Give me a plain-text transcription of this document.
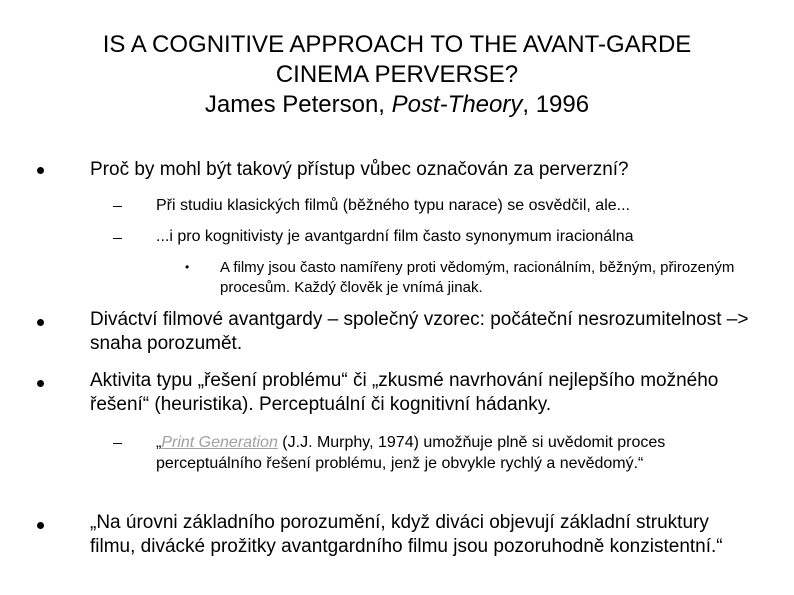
IS A COGNITIVE APPROACH TO THE AVANT-GARDE
CINEMA PERVERSE?
James Peterson, Post-Theory, 1996
Proč by mohl být takový přístup vůbec označován za perverzní?
Při studiu klasických filmů (běžného typu narace) se osvědčil, ale...
...i pro kognitivisty je avantgardní film často synonymum iracionálna
• A filmy jsou často namířeny proti vědomým, racionálním, běžným, přirozeným procesům. Každý člověk je vnímá jinak.
Diváctví filmové avantgardy – společný vzorec: počáteční nesrozumitelnost –> snaha porozumět.
Aktivita typu „řešení problému“ či „zkusmé navrhování nejlepšího možného řešení“ (heuristika). Perceptuální či kognitivní hádanky.
„Print Generation (J.J. Murphy, 1974) umožňuje plně si uvědomit proces perceptuálního řešení problému, jenž je obvykle rychlý a nevědomý.“
„Na úrovni základního porozumění, když diváci objevují základní struktury filmu, divácké prožitky avantgardního filmu jsou pozoruhodně konzistentní.“
